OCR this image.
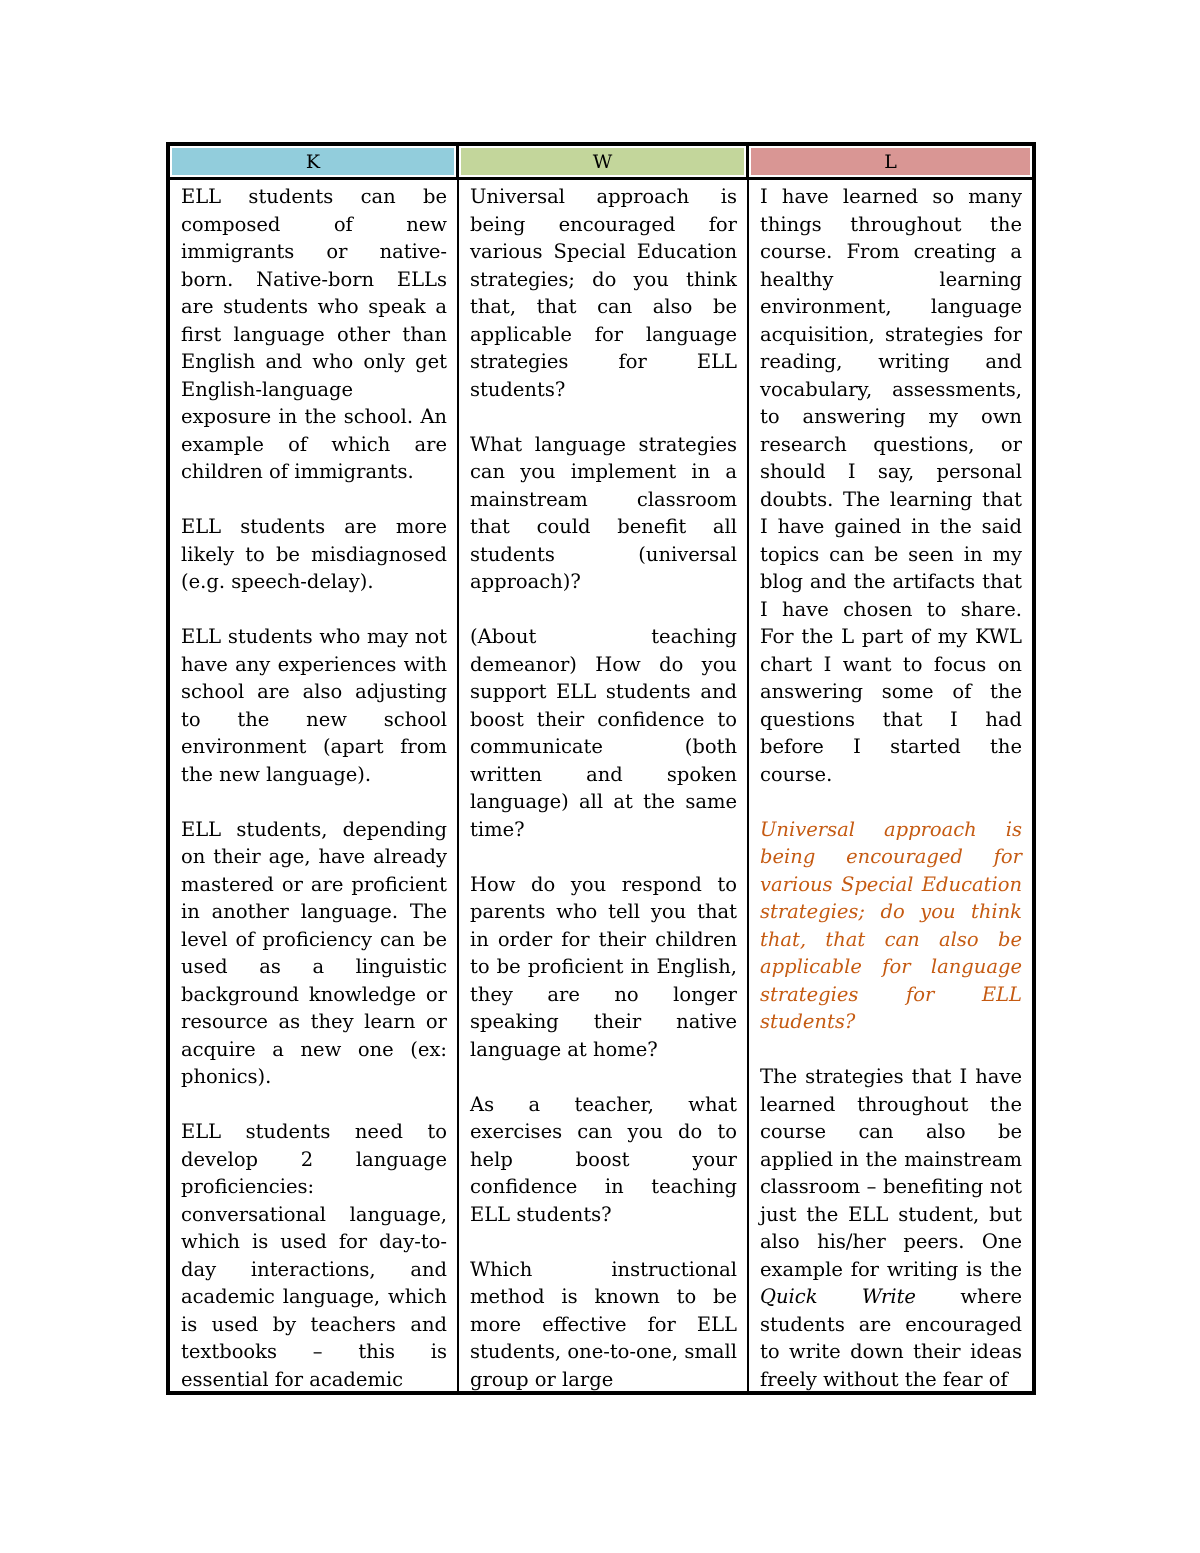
K	W	L

ELL students can be composed of new immigrants or native-born. Native-born ELLs are students who speak a first language other than English and who only get English-language exposure in the school. An example of which are children of immigrants.

ELL students are more likely to be misdiagnosed (e.g. speech-delay).

ELL students who may not have any experiences with school are also adjusting to the new school environment (apart from the new language).

ELL students, depending on their age, have already mastered or are proficient in another language. The level of proficiency can be used as a linguistic background knowledge or resource as they learn or acquire a new one (ex: phonics).

ELL students need to develop 2 language proficiencies: conversational language, which is used for day-to-day interactions, and academic language, which is used by teachers and textbooks – this is essential for academic

Universal approach is being encouraged for various Special Education strategies; do you think that, that can also be applicable for language strategies for ELL students?

What language strategies can you implement in a mainstream classroom that could benefit all students (universal approach)?

(About teaching demeanor) How do you support ELL students and boost their confidence to communicate (both written and spoken language) all at the same time?

How do you respond to parents who tell you that in order for their children to be proficient in English, they are no longer speaking their native language at home?

As a teacher, what exercises can you do to help boost your confidence in teaching ELL students?

Which instructional method is known to be more effective for ELL students, one-to-one, small group or large

I have learned so many things throughout the course. From creating a healthy learning environment, language acquisition, strategies for reading, writing and vocabulary, assessments, to answering my own research questions, or should I say, personal doubts. The learning that I have gained in the said topics can be seen in my blog and the artifacts that I have chosen to share. For the L part of my KWL chart I want to focus on answering some of the questions that I had before I started the course.

Universal approach is being encouraged for various Special Education strategies; do you think that, that can also be applicable for language strategies for ELL students?

The strategies that I have learned throughout the course can also be applied in the mainstream classroom – benefiting not just the ELL student, but also his/her peers. One example for writing is the Quick Write where students are encouraged to write down their ideas freely without the fear of
